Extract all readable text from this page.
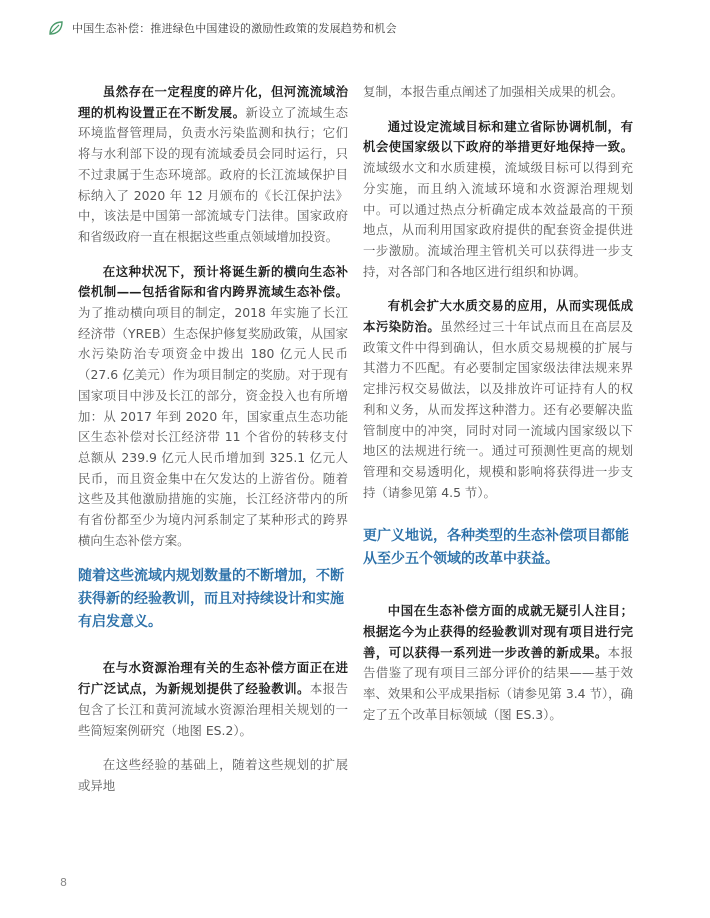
中国生态补偿：推进绿色中国建设的激励性政策的发展趋势和机会

虽然存在一定程度的碎片化，但河流流域治理的机构设置正在不断发展。新设立了流域生态环境监督管理局，负责水污染监测和执行；它们将与水利部下设的现有流域委员会同时运行，只不过隶属于生态环境部。政府的长江流域保护目标纳入了 2020 年 12 月颁布的《长江保护法》中，该法是中国第一部流域专门法律。国家政府和省级政府一直在根据这些重点领域增加投资。

在这种状况下，预计将诞生新的横向生态补偿机制——包括省际和省内跨界流域生态补偿。为了推动横向项目的制定，2018 年实施了长江经济带（YREB）生态保护修复奖励政策，从国家水污染防治专项资金中拨出 180 亿元人民币（27.6 亿美元）作为项目制定的奖励。对于现有国家项目中涉及长江的部分，资金投入也有所增加：从 2017 年到 2020 年，国家重点生态功能区生态补偿对长江经济带 11 个省份的转移支付总额从 239.9 亿元人民币增加到 325.1 亿元人民币，而且资金集中在欠发达的上游省份。随着这些及其他激励措施的实施，长江经济带内的所有省份都至少为境内河系制定了某种形式的跨界横向生态补偿方案。

随着这些流域内规划数量的不断增加，不断获得新的经验教训，而且对持续设计和实施有启发意义。

在与水资源治理有关的生态补偿方面正在进行广泛试点，为新规划提供了经验教训。本报告包含了长江和黄河流域水资源治理相关规划的一些简短案例研究（地图 ES.2）。

在这些经验的基础上，随着这些规划的扩展或异地

复制，本报告重点阐述了加强相关成果的机会。

通过设定流域目标和建立省际协调机制，有机会使国家级以下政府的举措更好地保持一致。流域级水文和水质建模，流域级目标可以得到充分实施，而且纳入流域环境和水资源治理规划中。可以通过热点分析确定成本效益最高的干预地点，从而利用国家政府提供的配套资金提供进一步激励。流域治理主管机关可以获得进一步支持，对各部门和各地区进行组织和协调。

有机会扩大水质交易的应用，从而实现低成本污染防治。虽然经过三十年试点而且在高层及政策文件中得到确认，但水质交易规模的扩展与其潜力不匹配。有必要制定国家级法律法规来界定排污权交易做法，以及排放许可证持有人的权利和义务，从而发挥这种潜力。还有必要解决监管制度中的冲突，同时对同一流域内国家级以下地区的法规进行统一。通过可预测性更高的规划管理和交易透明化，规模和影响将获得进一步支持（请参见第 4.5 节）。

更广义地说，各种类型的生态补偿项目都能从至少五个领域的改革中获益。

中国在生态补偿方面的成就无疑引人注目；根据迄今为止获得的经验教训对现有项目进行完善，可以获得一系列进一步改善的新成果。本报告借鉴了现有项目三部分评价的结果——基于效率、效果和公平成果指标（请参见第 3.4 节），确定了五个改革目标领域（图 ES.3）。

8
